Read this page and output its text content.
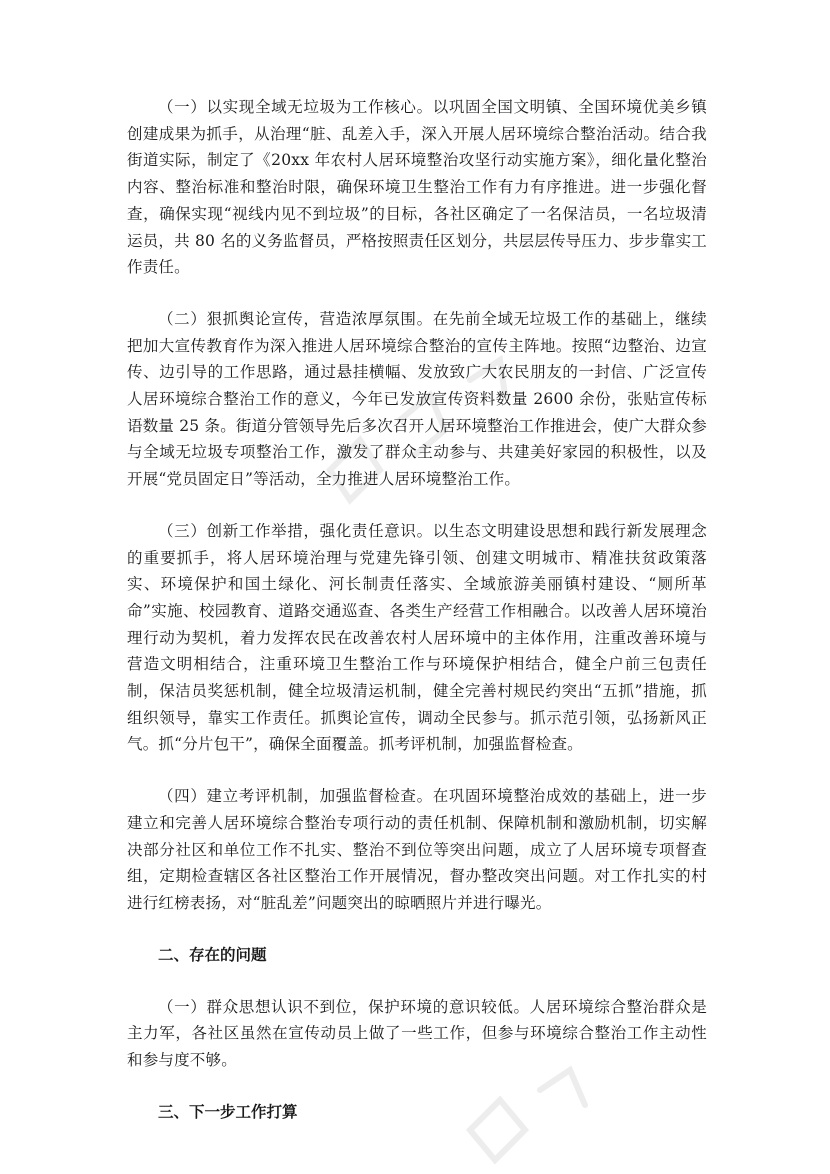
（一）以实现全域无垃圾为工作核心。以巩固全国文明镇、全国环境优美乡镇创建成果为抓手，从治理“脏、乱差入手，深入开展人居环境综合整治活动。结合我街道实际，制定了《20xx 年农村人居环境整治攻坚行动实施方案》，细化量化整治内容、整治标准和整治时限，确保环境卫生整治工作有力有序推进。进一步强化督查，确保实现“视线内见不到垃圾”的目标，各社区确定了一名保洁员，一名垃圾清运员，共 80 名的义务监督员，严格按照责任区划分，共层层传导压力、步步靠实工作责任。

（二）狠抓舆论宣传，营造浓厚氛围。在先前全域无垃圾工作的基础上，继续把加大宣传教育作为深入推进人居环境综合整治的宣传主阵地。按照“边整治、边宣传、边引导的工作思路，通过悬挂横幅、发放致广大农民朋友的一封信、广泛宣传人居环境综合整治工作的意义，今年已发放宣传资料数量 2600 余份，张贴宣传标语数量 25 条。街道分管领导先后多次召开人居环境整治工作推进会，使广大群众参与全域无垃圾专项整治工作，激发了群众主动参与、共建美好家园的积极性，以及开展“党员固定日”等活动，全力推进人居环境整治工作。

（三）创新工作举措，强化责任意识。以生态文明建设思想和践行新发展理念的重要抓手，将人居环境治理与党建先锋引领、创建文明城市、精准扶贫政策落实、环境保护和国土绿化、河长制责任落实、全域旅游美丽镇村建设、“厕所革命”实施、校园教育、道路交通巡查、各类生产经营工作相融合。以改善人居环境治理行动为契机，着力发挥农民在改善农村人居环境中的主体作用，注重改善环境与营造文明相结合，注重环境卫生整治工作与环境保护相结合，健全户前三包责任制，保洁员奖惩机制，健全垃圾清运机制，健全完善村规民约突出“五抓”措施，抓组织领导，靠实工作责任。抓舆论宣传，调动全民参与。抓示范引领，弘扬新风正气。抓“分片包干”，确保全面覆盖。抓考评机制，加强监督检查。

（四）建立考评机制，加强监督检查。在巩固环境整治成效的基础上，进一步建立和完善人居环境综合整治专项行动的责任机制、保障机制和激励机制，切实解决部分社区和单位工作不扎实、整治不到位等突出问题，成立了人居环境专项督查组，定期检查辖区各社区整治工作开展情况，督办整改突出问题。对工作扎实的村进行红榜表扬，对“脏乱差”问题突出的晾晒照片并进行曝光。

二、存在的问题

（一）群众思想认识不到位，保护环境的意识较低。人居环境综合整治群众是主力军，各社区虽然在宣传动员上做了一些工作，但参与环境综合整治工作主动性和参与度不够。

三、下一步工作打算
